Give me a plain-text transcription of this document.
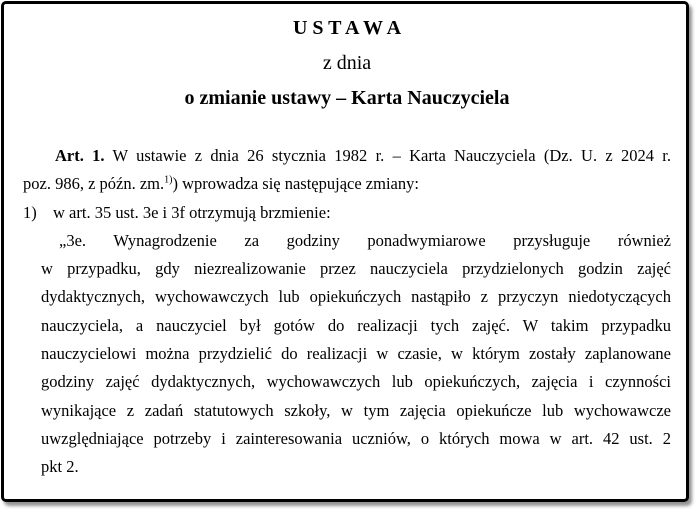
U S T A W A
z dnia
o zmianie ustawy – Karta Nauczyciela
Art. 1. W ustawie z dnia 26 stycznia 1982 r. – Karta Nauczyciela (Dz. U. z 2024 r.
poz. 986, z późn. zm.$^{1)}$) wprowadza się następujące zmiany:
1) w art. 35 ust. 3e i 3f otrzymują brzmienie:
„3e. Wynagrodzenie za godziny ponadwymiarowe przysługuje również
w przypadku, gdy niezrealizowanie przez nauczyciela przydzielonych godzin zajęć
dydaktycznych, wychowawczych lub opiekuńczych nastąpiło z przyczyn niedotyczących
nauczyciela, a nauczyciel był gotów do realizacji tych zajęć. W takim przypadku
nauczycielowi można przydzielić do realizacji w czasie, w którym zostały zaplanowane
godziny zajęć dydaktycznych, wychowawczych lub opiekuńczych, zajęcia i czynności
wynikające z zadań statutowych szkoły, w tym zajęcia opiekuńcze lub wychowawcze
uwzględniające potrzeby i zainteresowania uczniów, o których mowa w art. 42 ust. 2
pkt 2.
